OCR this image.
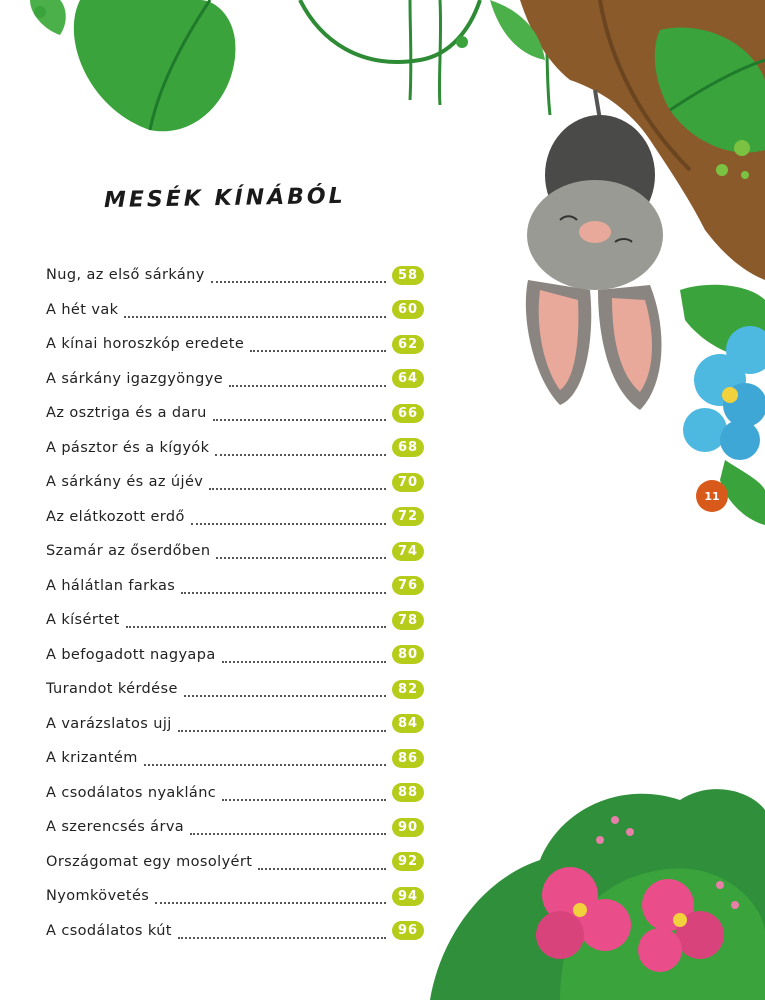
MESÉK KÍNÁBÓL
Nug, az első sárkány	58
A hét vak	60
A kínai horoszkóp eredete	62
A sárkány igazgyöngye	64
Az osztriga és a daru	66
A pásztor és a kígyók	68
A sárkány és az újév	70
Az elátkozott erdő	72
Szamár az őserdőben	74
A hálátlan farkas	76
A kísértet	78
A befogadott nagyapa	80
Turandot kérdése	82
A varázslatos ujj	84
A krizantém	86
A csodálatos nyaklánc	88
A szerencsés árva	90
Országomat egy mosolyért	92
Nyomkövetés	94
A csodálatos kút	96
11
